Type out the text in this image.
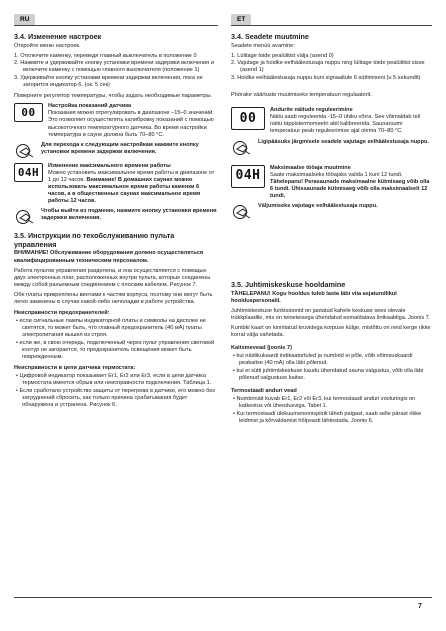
RU	ET
3.4. Изменение настроек

Откройте меню настроек.

1. Отключите каменку, переведя главный выключатель в положение 0
2. Нажмите и удерживайте кнопку установки времени задержки включения и включите каменку с помощью главного выключателя (положение 1)
3. Удерживайте кнопку установки времени задержки включения, пока не загорится индикатор 6. (ок. 5 сек)

Поверните регулятор температуры, чтобы задать необходимые параметры.

00	Настройка показаний датчика
Показания можно отрегулировать в диапазоне –15–0 значений. Это позволяет осуществлять калибровку показаний с помощью высокоточного температурного датчика. Во время настройки температура в сауне должна быть 70–80 °C.
Для перехода к следующим настройкам нажмите кнопку установки времени задержки включения.
04H	Изменение максимального времени работы
Можно установить максимальное время работы в диапазоне от 1 до 12 часов. Внимание! В домашних саунах можно использовать максимальное время работы каменки 6 часов, а в общественных саунах максимальное время работы 12 часов.
Чтобы выйти из подменю, нажмите кнопку установки времени задержки включения.
3.5. Инструкции по техобслуживанию пульта управления

ВНИМАНИЕ! Обслуживание оборудования должно осуществляться квалифицированным техническим персоналом.

Работа пультов управления разделена, и она осуществляется с помощью двух электронных плат, расположенных внутри пульта, которые соединены между собой разъемным соединением с плоским кабелем. Рисунок 7.

Обе платы прикреплены винтами к частям корпуса, поэтому они могут быть легко заменены в случае какой-либо неполадки в работе устройства.

Неисправности предохранителей:

• если сигнальные лампы индикаторной платы и символы на дисплее не светятся, то может быть, что главный предохранитель (40 мА) платы электропитания вышел из строя.
• если же, в свою очередь, подключенный через пульт управления световой контур не загорается, то предохранитель освещения может быть поврежденным.

Неисправности в цепи датчика термостата:

• Цифровой индикатор показывает Er1, Er2 или Er3, если в цепи датчика термостата имеется обрыв или неисправности подключения. Таблица 1.
• Если сработало устройство защиты от перегрева в датчике, его можно без затруднений сбросить, как только причина срабатывания будет обнаружена и устранена. Рисунок 6.
3.4. Seadete muutmine

Seadete menüü avamine:

1. Lülitage toide pealülitist välja (asend 0)
2. Vajutage ja hoidke eelhäälestusaja nuppu ning lülitage toide pealülitist sisse (asend 1)
3. Hoidke eelhäälestusaja nuppu kuni signaaltule 6 süttimiseni (u 5 sekundit)

Pöörake väärtuste muutmiseks temperatuuri regulaatorit.

00
Andurite näitude reguleerimine
Näitu saab reguleerida -15–0 ühiku võrra. See võimaldab teil näitu täppistermomeetri abil kalibreerida. Saunaruumi temperatuur peab reguleerimise ajal olema 70–80 °C.
Ligipääsuks järgmisele seadele vajutage eelhäälestusaja nuppu.
04H
Maksimaalse tööaja muutmine
Saate maksimaalseks tööajaks valida 1 kuni 12 tundi. Tähelepanu! Perasaunade maksimaalne kütmisaeg võib olla 6 tundi. Ühissaunade kütmisaeg võib olla maksimaalselt 12 tundi.
Väljumiseks vajutage eelhäälestusaja nuppu.
3.5. Juhtimiskeskuse hooldamine

TÄHELEPANU! Kogu hooldus tuleb lasta läbi viia asjatundlikul hoolduspersonalil.

Juhtimiskeskuse funktsioonid on jaotatud kahele keskuse sees olevale trükkplaadile, mis on teineteisega ühendatud eemaldatava lintkaabliga. Joonis 7.

Kumbki kaart on kinnitatud kruvidega korpuse külge, mistõttu on neid kerge rikke korral välja vahetada.

Kaitsmevead (joonis 7)

• kui näidikukaardi indikaatortuled ja numbrid ei põle, võib võimsuskaardi peakaitse (40 mA) olla läbi põlenud.
• kui ei sütti juhtimiskeskuse kaudu ühendatud sauna valgustus, võib olla läbi põlenud valgustuse kaitse.

Termostaadi anduri vead

• Numbrinäit kuvab Er1, Er2 või Er3, kui termostaadi anduri vooluringis on katkestus või ühendusviga. Tabel 1.
• Kui termostaadi ülekuumenemispiirik läheb paigast, saab selle pärast rikke leidmist ja kõrvaldamist hõlpsasti lähtestada. Joonis 6.
7
